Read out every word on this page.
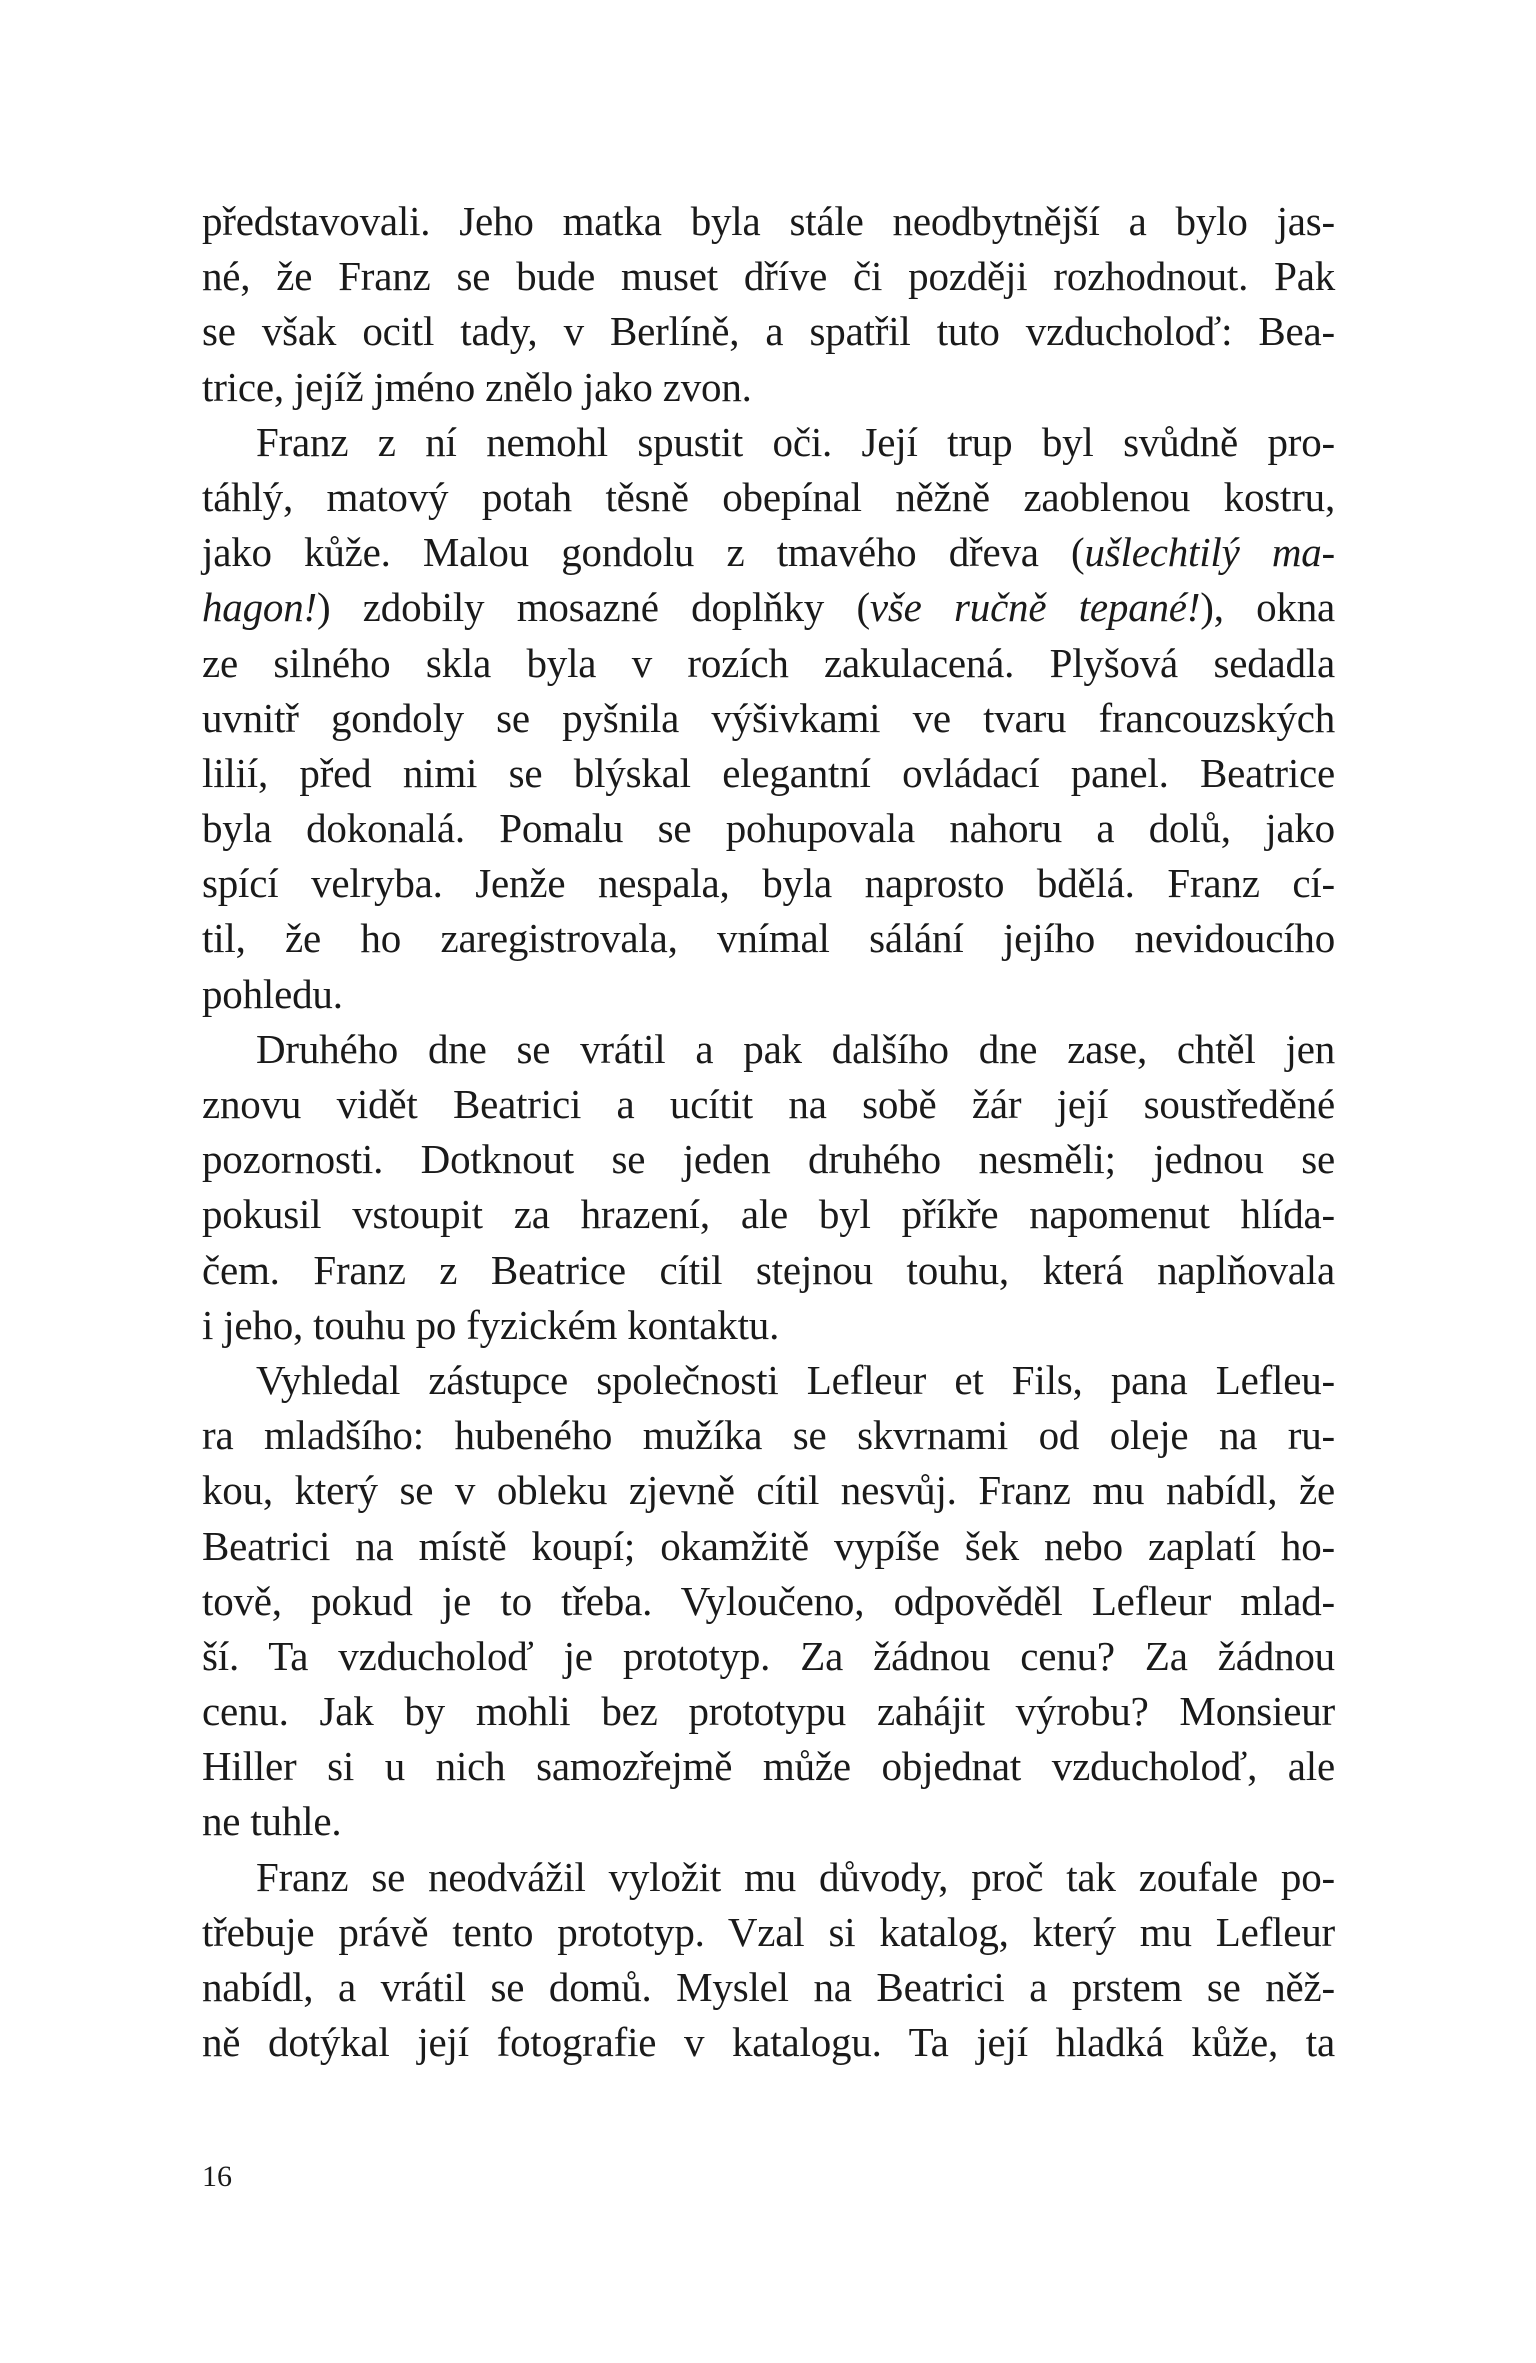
představovali. Jeho matka byla stále neodbytnější a bylo jas-
né, že Franz se bude muset dříve či později rozhodnout. Pak
se však ocitl tady, v Berlíně, a spatřil tuto vzducholoď: Bea-
trice, jejíž jméno znělo jako zvon.
Franz z ní nemohl spustit oči. Její trup byl svůdně pro-
táhlý, matový potah těsně obepínal něžně zaoblenou kostru,
jako kůže. Malou gondolu z tmavého dřeva (ušlechtilý ma-
hagon!) zdobily mosazné doplňky (vše ručně tepané!), okna
ze silného skla byla v rozích zakulacená. Plyšová sedadla
uvnitř gondoly se pyšnila výšivkami ve tvaru francouzských
lilií, před nimi se blýskal elegantní ovládací panel. Beatrice
byla dokonalá. Pomalu se pohupovala nahoru a dolů, jako
spící velryba. Jenže nespala, byla naprosto bdělá. Franz cí-
til, že ho zaregistrovala, vnímal sálání jejího nevidoucího
pohledu.
Druhého dne se vrátil a pak dalšího dne zase, chtěl jen
znovu vidět Beatrici a ucítit na sobě žár její soustředěné
pozornosti. Dotknout se jeden druhého nesměli; jednou se
pokusil vstoupit za hrazení, ale byl příkře napomenut hlída-
čem. Franz z Beatrice cítil stejnou touhu, která naplňovala
i jeho, touhu po fyzickém kontaktu.
Vyhledal zástupce společnosti Lefleur et Fils, pana Lefleu-
ra mladšího: hubeného mužíka se skvrnami od oleje na ru-
kou, který se v obleku zjevně cítil nesvůj. Franz mu nabídl, že
Beatrici na místě koupí; okamžitě vypíše šek nebo zaplatí ho-
tově, pokud je to třeba. Vyloučeno, odpověděl Lefleur mlad-
ší. Ta vzducholoď je prototyp. Za žádnou cenu? Za žádnou
cenu. Jak by mohli bez prototypu zahájit výrobu? Monsieur
Hiller si u nich samozřejmě může objednat vzducholoď, ale
ne tuhle.
Franz se neodvážil vyložit mu důvody, proč tak zoufale po-
třebuje právě tento prototyp. Vzal si katalog, který mu Lefleur
nabídl, a vrátil se domů. Myslel na Beatrici a prstem se něž-
ně dotýkal její fotografie v katalogu. Ta její hladká kůže, ta
16
